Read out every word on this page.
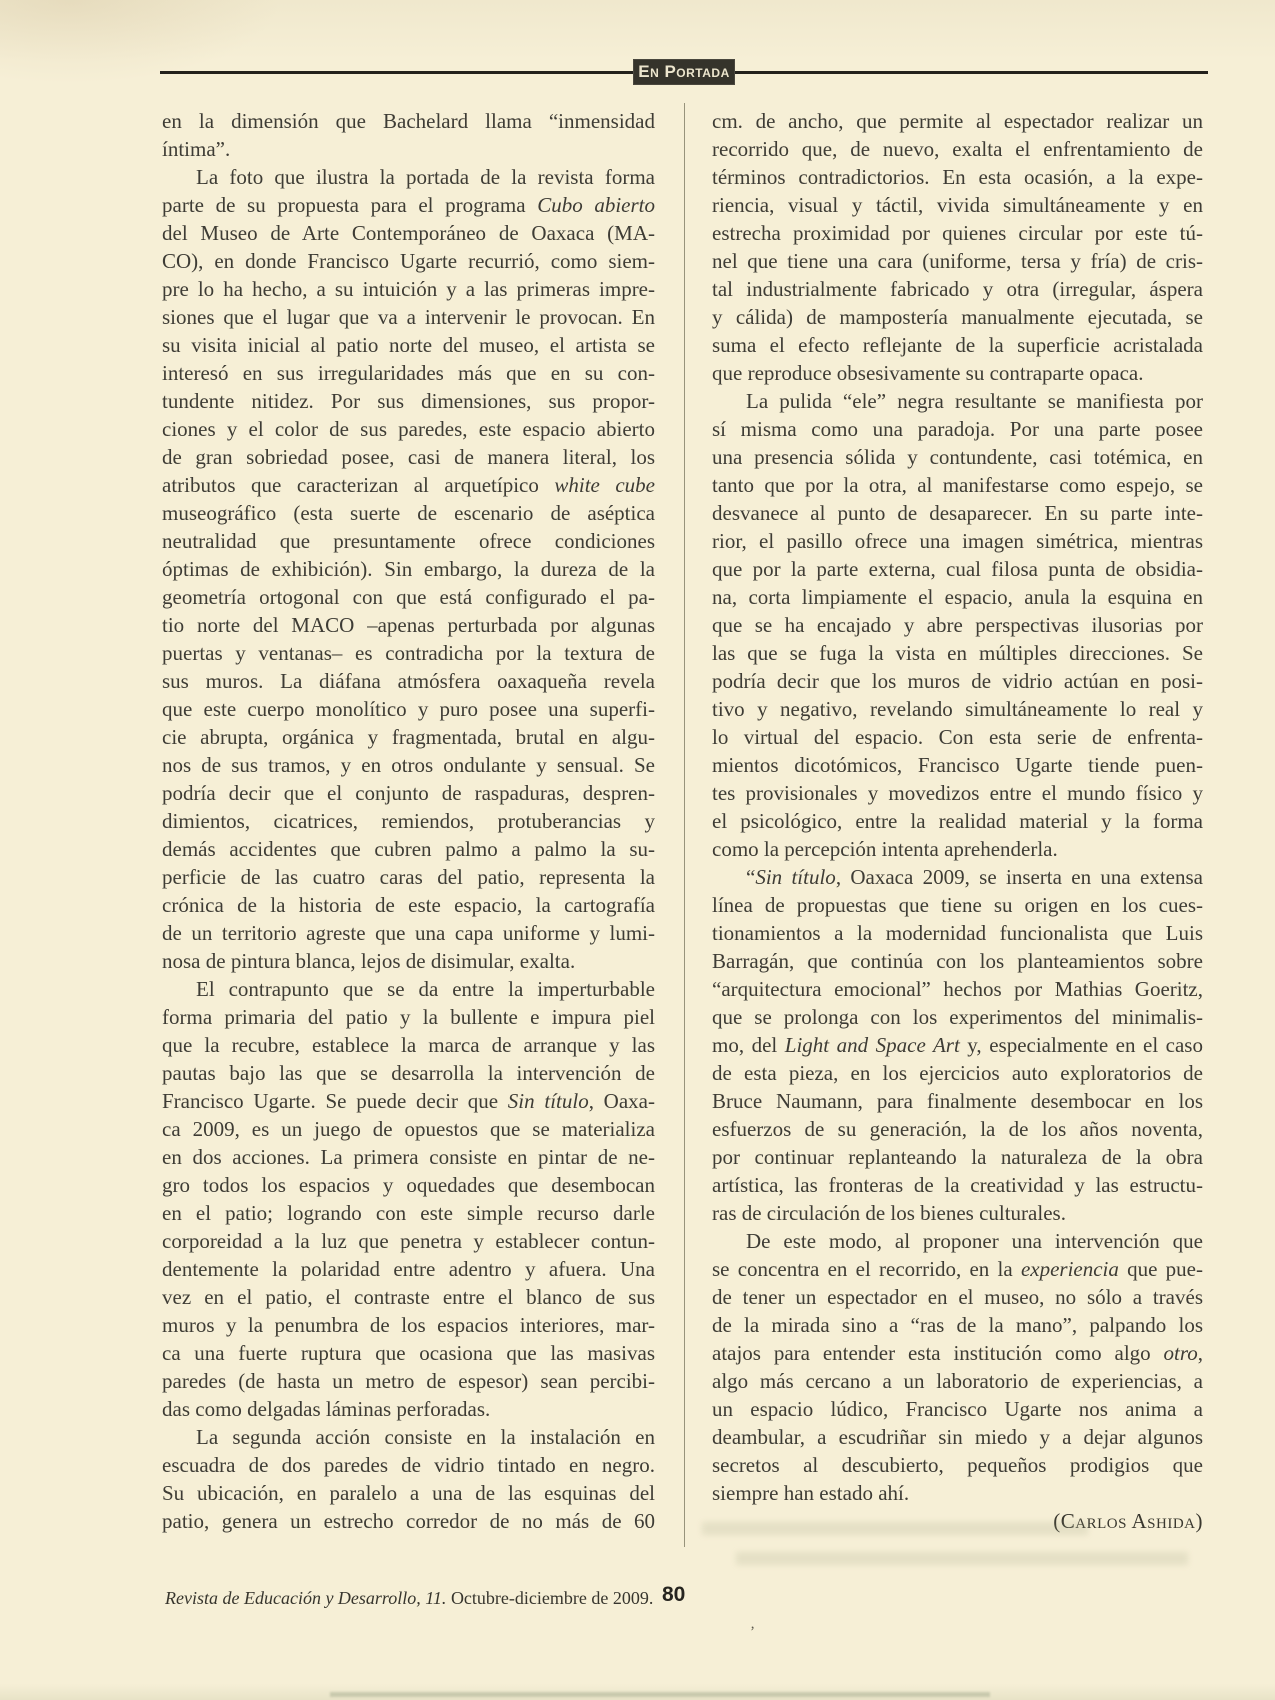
En Portada
en la dimensión que Bachelard llama “inmensidad
íntima”.
La foto que ilustra la portada de la revista forma
parte de su propuesta para el programa Cubo abierto
del Museo de Arte Contemporáneo de Oaxaca (MA-
CO), en donde Francisco Ugarte recurrió, como siem-
pre lo ha hecho, a su intuición y a las primeras impre-
siones que el lugar que va a intervenir le provocan. En
su visita inicial al patio norte del museo, el artista se
interesó en sus irregularidades más que en su con-
tundente nitidez. Por sus dimensiones, sus propor-
ciones y el color de sus paredes, este espacio abierto
de gran sobriedad posee, casi de manera literal, los
atributos que caracterizan al arquetípico white cube
museográfico (esta suerte de escenario de aséptica
neutralidad que presuntamente ofrece condiciones
óptimas de exhibición). Sin embargo, la dureza de la
geometría ortogonal con que está configurado el pa-
tio norte del MACO –apenas perturbada por algunas
puertas y ventanas– es contradicha por la textura de
sus muros. La diáfana atmósfera oaxaqueña revela
que este cuerpo monolítico y puro posee una superfi-
cie abrupta, orgánica y fragmentada, brutal en algu-
nos de sus tramos, y en otros ondulante y sensual. Se
podría decir que el conjunto de raspaduras, despren-
dimientos, cicatrices, remiendos, protuberancias y
demás accidentes que cubren palmo a palmo la su-
perficie de las cuatro caras del patio, representa la
crónica de la historia de este espacio, la cartografía
de un territorio agreste que una capa uniforme y lumi-
nosa de pintura blanca, lejos de disimular, exalta.
El contrapunto que se da entre la imperturbable
forma primaria del patio y la bullente e impura piel
que la recubre, establece la marca de arranque y las
pautas bajo las que se desarrolla la intervención de
Francisco Ugarte. Se puede decir que Sin título, Oaxa-
ca 2009, es un juego de opuestos que se materializa
en dos acciones. La primera consiste en pintar de ne-
gro todos los espacios y oquedades que desembocan
en el patio; logrando con este simple recurso darle
corporeidad a la luz que penetra y establecer contun-
dentemente la polaridad entre adentro y afuera. Una
vez en el patio, el contraste entre el blanco de sus
muros y la penumbra de los espacios interiores, mar-
ca una fuerte ruptura que ocasiona que las masivas
paredes (de hasta un metro de espesor) sean percibi-
das como delgadas láminas perforadas.
La segunda acción consiste en la instalación en
escuadra de dos paredes de vidrio tintado en negro.
Su ubicación, en paralelo a una de las esquinas del
patio, genera un estrecho corredor de no más de 60
cm. de ancho, que permite al espectador realizar un
recorrido que, de nuevo, exalta el enfrentamiento de
términos contradictorios. En esta ocasión, a la expe-
riencia, visual y táctil, vivida simultáneamente y en
estrecha proximidad por quienes circular por este tú-
nel que tiene una cara (uniforme, tersa y fría) de cris-
tal industrialmente fabricado y otra (irregular, áspera
y cálida) de mampostería manualmente ejecutada, se
suma el efecto reflejante de la superficie acristalada
que reproduce obsesivamente su contraparte opaca.
La pulida “ele” negra resultante se manifiesta por
sí misma como una paradoja. Por una parte posee
una presencia sólida y contundente, casi totémica, en
tanto que por la otra, al manifestarse como espejo, se
desvanece al punto de desaparecer. En su parte inte-
rior, el pasillo ofrece una imagen simétrica, mientras
que por la parte externa, cual filosa punta de obsidia-
na, corta limpiamente el espacio, anula la esquina en
que se ha encajado y abre perspectivas ilusorias por
las que se fuga la vista en múltiples direcciones. Se
podría decir que los muros de vidrio actúan en posi-
tivo y negativo, revelando simultáneamente lo real y
lo virtual del espacio. Con esta serie de enfrenta-
mientos dicotómicos, Francisco Ugarte tiende puen-
tes provisionales y movedizos entre el mundo físico y
el psicológico, entre la realidad material y la forma
como la percepción intenta aprehenderla.
“Sin título, Oaxaca 2009, se inserta en una extensa
línea de propuestas que tiene su origen en los cues-
tionamientos a la modernidad funcionalista que Luis
Barragán, que continúa con los planteamientos sobre
“arquitectura emocional” hechos por Mathias Goeritz,
que se prolonga con los experimentos del minimalis-
mo, del Light and Space Art y, especialmente en el caso
de esta pieza, en los ejercicios auto exploratorios de
Bruce Naumann, para finalmente desembocar en los
esfuerzos de su generación, la de los años noventa,
por continuar replanteando la naturaleza de la obra
artística, las fronteras de la creatividad y las estructu-
ras de circulación de los bienes culturales.
De este modo, al proponer una intervención que
se concentra en el recorrido, en la experiencia que pue-
de tener un espectador en el museo, no sólo a través
de la mirada sino a “ras de la mano”, palpando los
atajos para entender esta institución como algo otro,
algo más cercano a un laboratorio de experiencias, a
un espacio lúdico, Francisco Ugarte nos anima a
deambular, a escudriñar sin miedo y a dejar algunos
secretos al descubierto, pequeños prodigios que
siempre han estado ahí.
(Carlos Ashida)
’
Revista de Educación y Desarrollo, 11. Octubre-diciembre de 2009. 80
